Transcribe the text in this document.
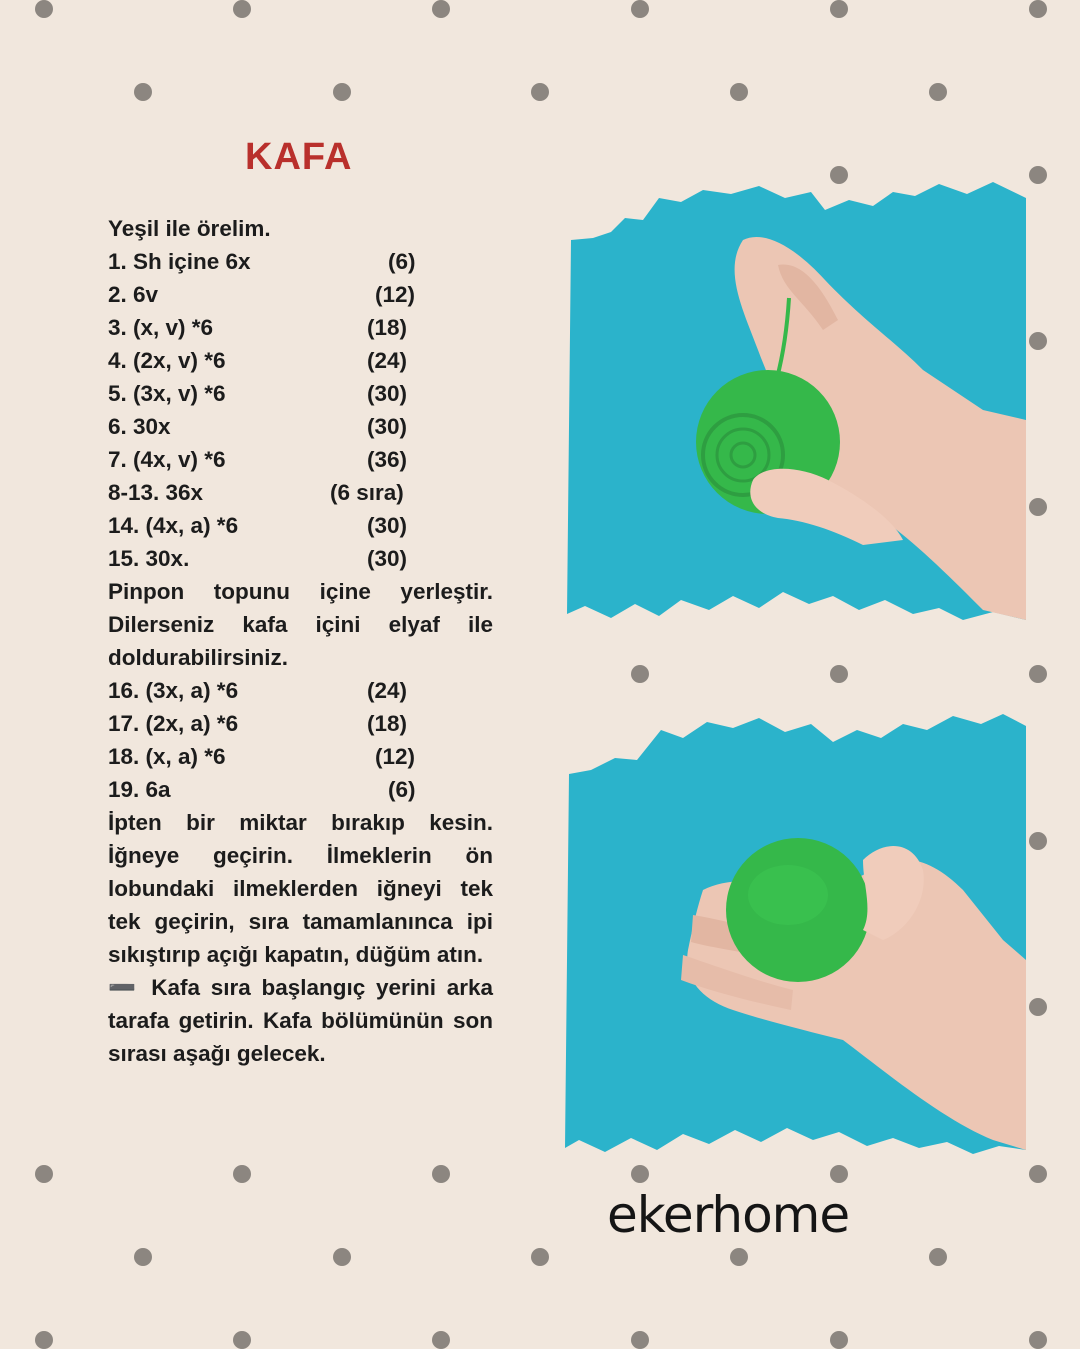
KAFA
Yeşil ile örelim.
1. Sh içine 6x	(6)
2. 6v	(12)
3. (x, v) *6	(18)
4. (2x, v) *6	(24)
5. (3x, v) *6	(30)
6. 30x	(30)
7. (4x, v) *6	(36)
8-13. 36x	(6 sıra)
14. (4x, a) *6	(30)
15. 30x.	(30)
Pinpon topunu içine yerleştir. Dilerseniz kafa içini elyaf ile doldurabilirsiniz.
16. (3x, a) *6	(24)
17. (2x, a) *6	(18)
18. (x, a) *6	(12)
19. 6a	(6)
İpten bir miktar bırakıp kesin. İğneye geçirin. İlmeklerin ön lobundaki ilmeklerden iğneyi tek tek geçirin, sıra tamamlanınca ipi sıkıştırıp açığı kapatın, düğüm atın.
➖ Kafa sıra başlangıç yerini arka tarafa getirin. Kafa bölümünün son sırası aşağı gelecek.
ekerhome
